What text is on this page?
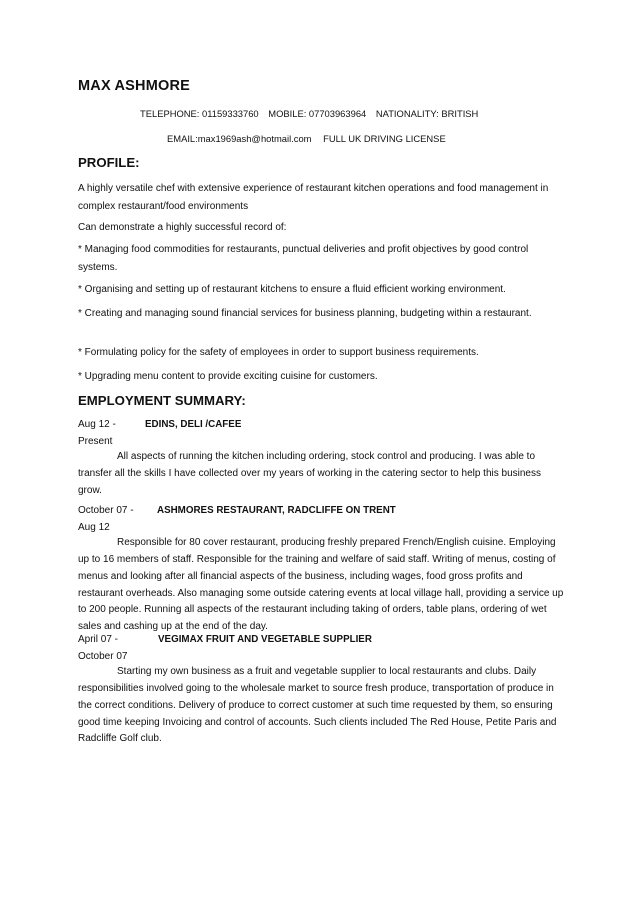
MAX ASHMORE
TELEPHONE: 01159333760 MOBILE: 07703963964 NATIONALITY: BRITISH
EMAIL:max1969ash@hotmail.com FULL UK DRIVING LICENSE
PROFILE:
A highly versatile chef with extensive experience of restaurant kitchen operations and food management in complex restaurant/food environments
Can demonstrate a highly successful record of:
* Managing food commodities for restaurants, punctual deliveries and profit objectives by good control systems.
* Organising and setting up of restaurant kitchens to ensure a fluid efficient working environment.
* Creating and managing sound financial services for business planning, budgeting within a restaurant.
* Formulating policy for the safety of employees in order to support business requirements.
* Upgrading menu content to provide exciting cuisine for customers.
EMPLOYMENT SUMMARY:
Aug 12 -
Present
EDINS, DELI /CAFEE
All aspects of running the kitchen including ordering, stock control and producing. I was able to transfer all the skills I have collected over my years of working in the catering sector to help this business grow.
October 07 -
Aug 12
ASHMORES RESTAURANT, RADCLIFFE ON TRENT
Responsible for 80 cover restaurant, producing freshly prepared French/English cuisine. Employing up to 16 members of staff. Responsible for the training and welfare of said staff. Writing of menus, costing of menus and looking after all financial aspects of the business, including wages, food gross profits and restaurant overheads. Also managing some outside catering events at local village hall, providing a service up to 200 people. Running all aspects of the restaurant including taking of orders, table plans, ordering of wet sales and cashing up at the end of the day.
April 07 -
October 07
VEGIMAX FRUIT AND VEGETABLE SUPPLIER
Starting my own business as a fruit and vegetable supplier to local restaurants and clubs. Daily responsibilities involved going to the wholesale market to source fresh produce, transportation of produce in the correct conditions. Delivery of produce to correct customer at such time requested by them, so ensuring good time keeping Invoicing and control of accounts. Such clients included The Red House, Petite Paris and Radcliffe Golf club.
